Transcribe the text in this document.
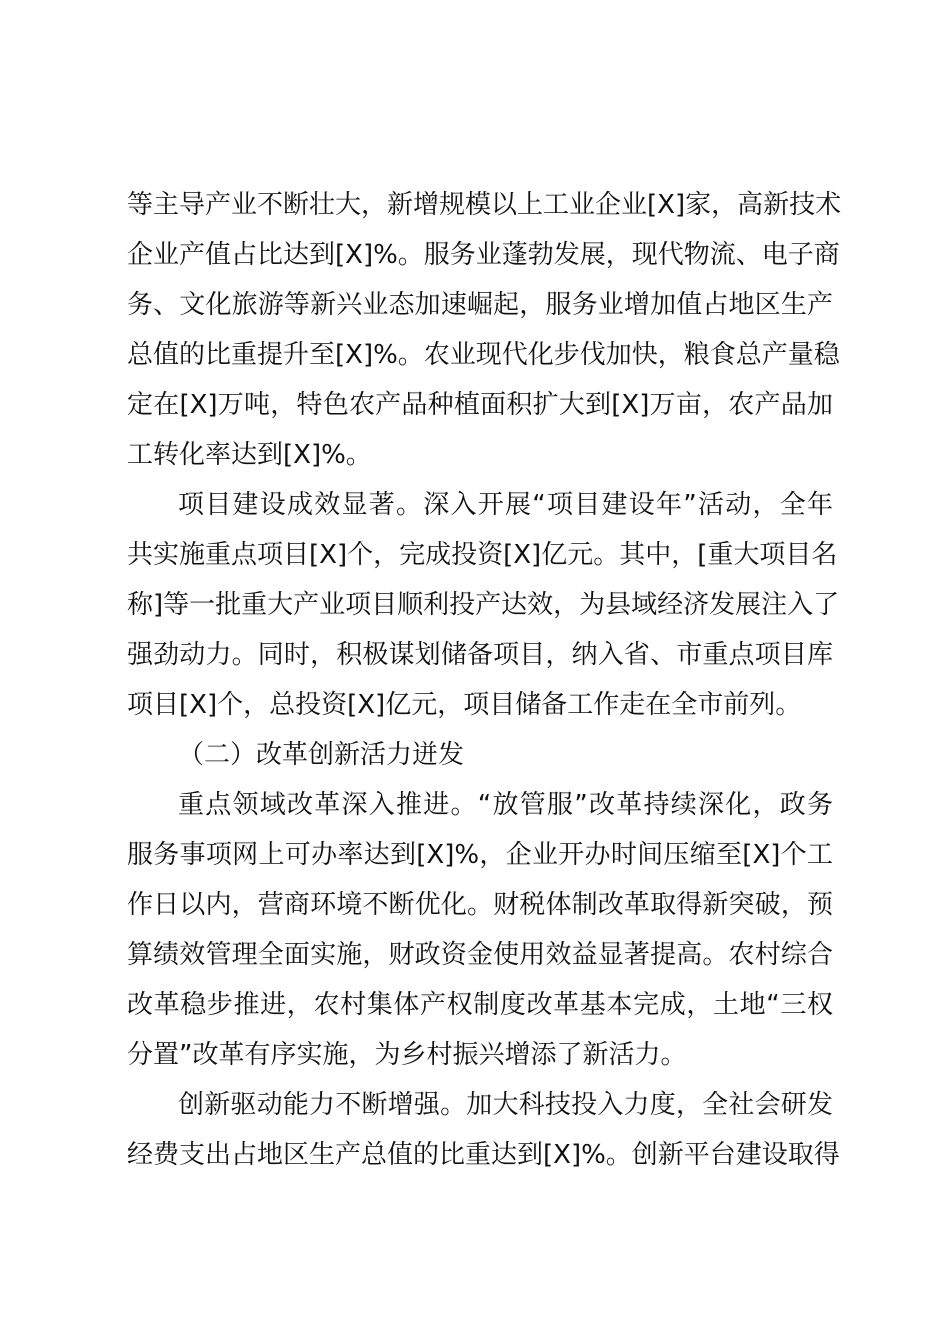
等主导产业不断壮大，新增规模以上工业企业[X]家，高新技术
企业产值占比达到[X]%。服务业蓬勃发展，现代物流、电子商
务、文化旅游等新兴业态加速崛起，服务业增加值占地区生产
总值的比重提升至[X]%。农业现代化步伐加快，粮食总产量稳
定在[X]万吨，特色农产品种植面积扩大到[X]万亩，农产品加
工转化率达到[X]%。
项目建设成效显著。深入开展“项目建设年”活动，全年
共实施重点项目[X]个，完成投资[X]亿元。其中，[重大项目名
称]等一批重大产业项目顺利投产达效，为县域经济发展注入了
强劲动力。同时，积极谋划储备项目，纳入省、市重点项目库
项目[X]个，总投资[X]亿元，项目储备工作走在全市前列。
（二）改革创新活力迸发
重点领域改革深入推进。“放管服”改革持续深化，政务
服务事项网上可办率达到[X]%，企业开办时间压缩至[X]个工
作日以内，营商环境不断优化。财税体制改革取得新突破，预
算绩效管理全面实施，财政资金使用效益显著提高。农村综合
改革稳步推进，农村集体产权制度改革基本完成，土地“三权
分置”改革有序实施，为乡村振兴增添了新活力。
创新驱动能力不断增强。加大科技投入力度，全社会研发
经费支出占地区生产总值的比重达到[X]%。创新平台建设取得
